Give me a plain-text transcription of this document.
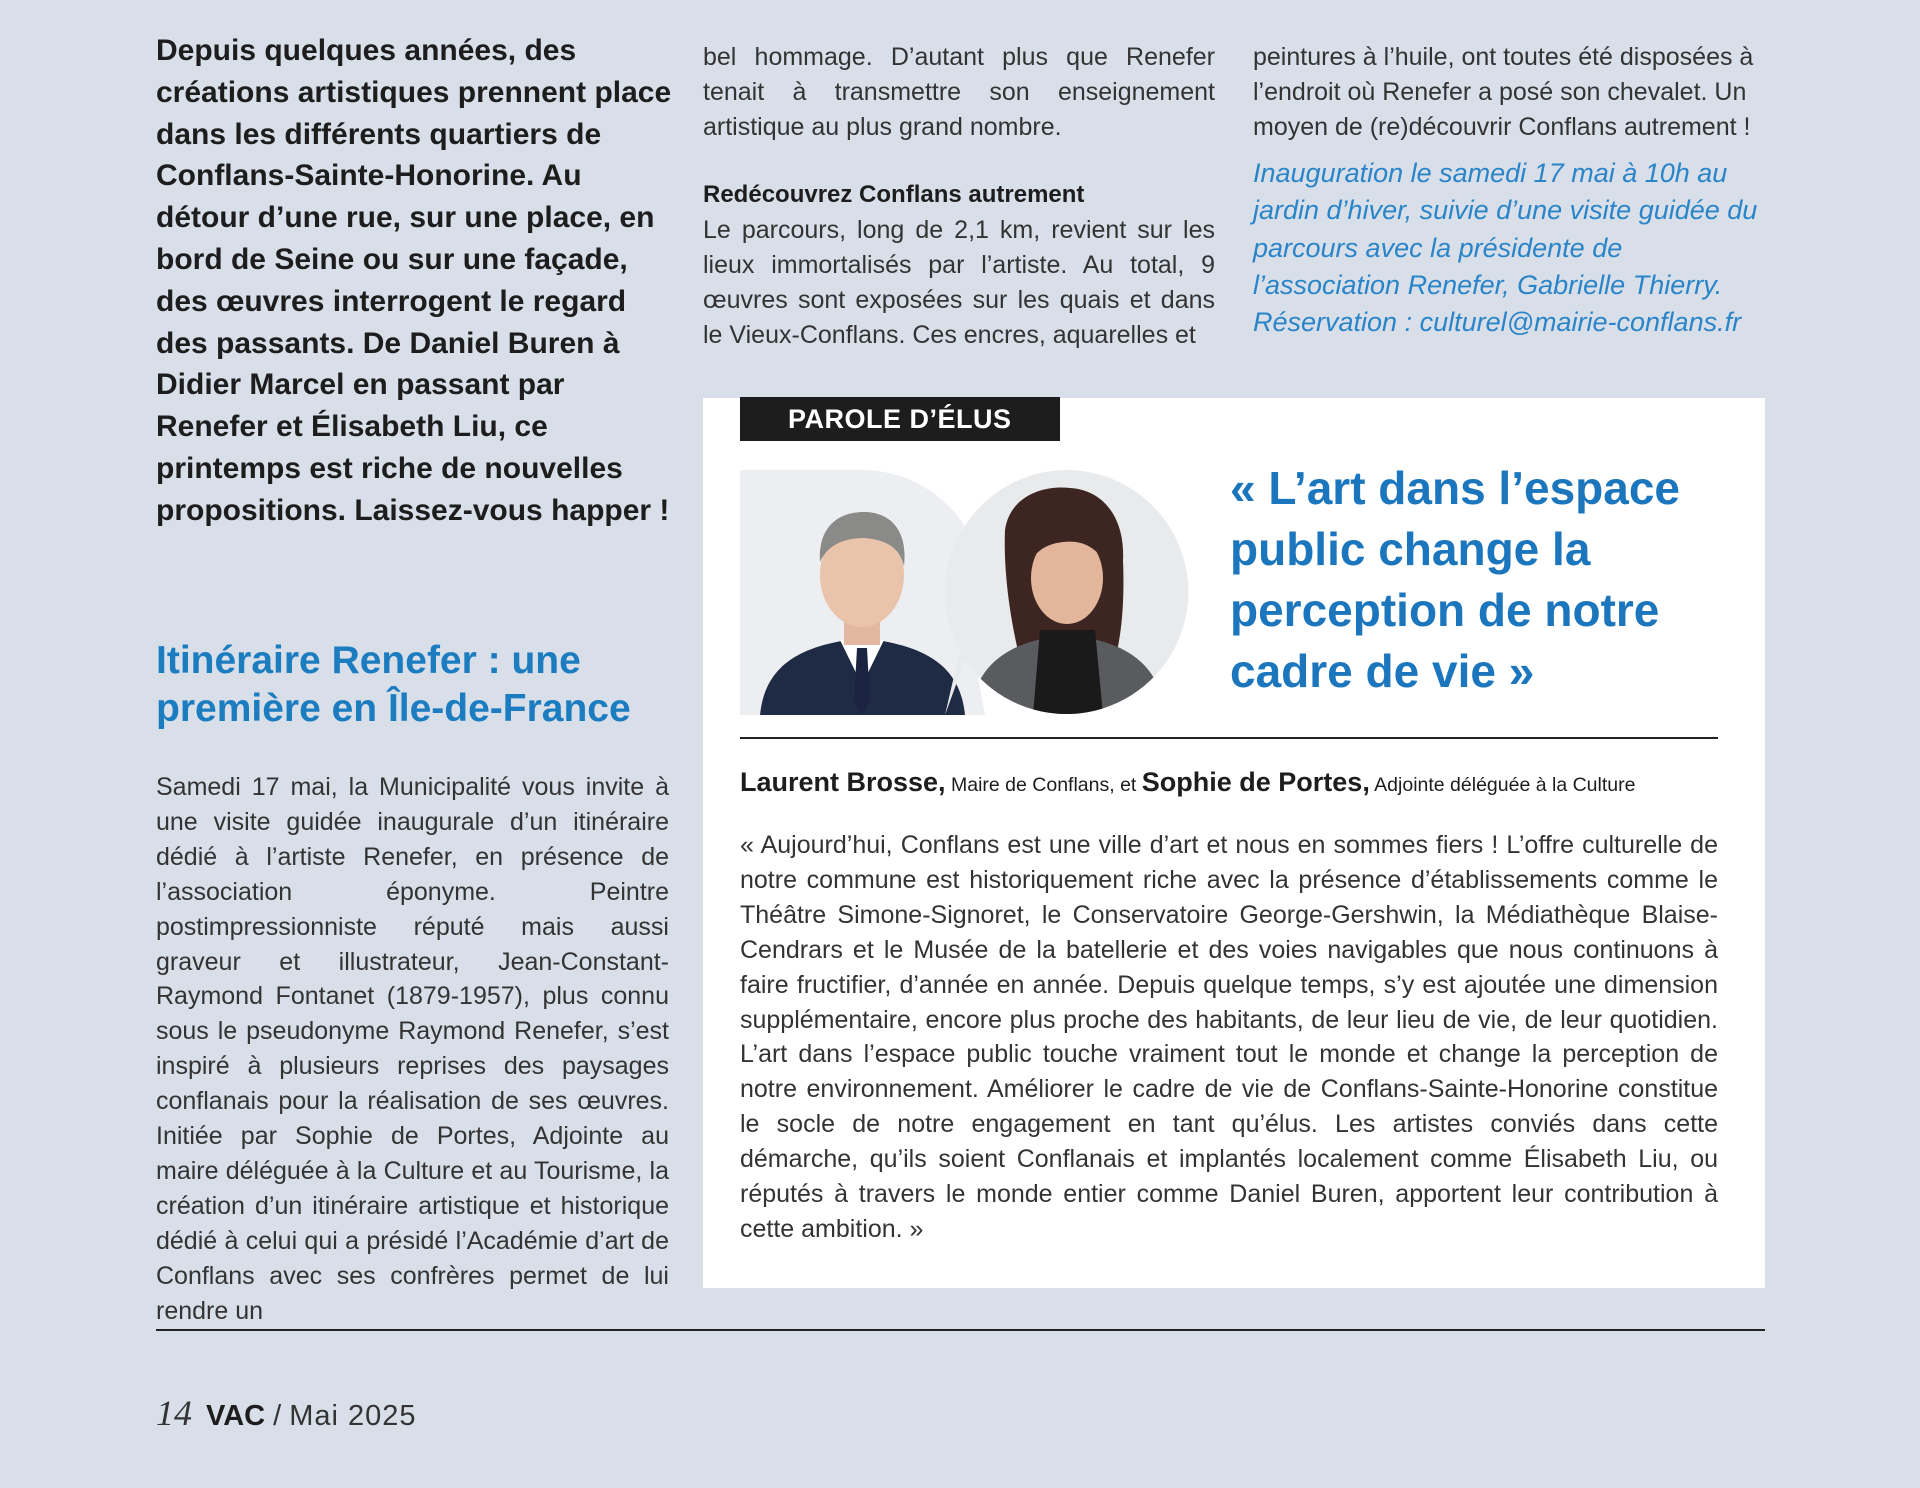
Depuis quelques années, des créations artistiques prennent place dans les différents quartiers de Conflans-Sainte-Honorine. Au détour d’une rue, sur une place, en bord de Seine ou sur une façade, des œuvres interrogent le regard des passants. De Daniel Buren à Didier Marcel en passant par Renefer et Élisabeth Liu, ce printemps est riche de nouvelles propositions. Laissez-vous happer !

Itinéraire Renefer : une première en Île-de-France

Samedi 17 mai, la Municipalité vous invite à une visite guidée inaugurale d’un itinéraire dédié à l’artiste Renefer, en présence de l’association éponyme. Peintre postimpressionniste réputé mais aussi graveur et illustrateur, Jean-Constant-Raymond Fontanet (1879-1957), plus connu sous le pseudonyme Raymond Renefer, s’est inspiré à plusieurs reprises des paysages conflanais pour la réalisation de ses œuvres. Initiée par Sophie de Portes, Adjointe au maire déléguée à la Culture et au Tourisme, la création d’un itinéraire artistique et historique dédié à celui qui a présidé l’Académie d’art de Conflans avec ses confrères permet de lui rendre un

bel hommage. D’autant plus que Renefer tenait à transmettre son enseignement artistique au plus grand nombre.

Redécouvrez Conflans autrement

Le parcours, long de 2,1 km, revient sur les lieux immortalisés par l’artiste. Au total, 9 œuvres sont exposées sur les quais et dans le Vieux-Conflans. Ces encres, aquarelles et

peintures à l’huile, ont toutes été disposées à l’endroit où Renefer a posé son chevalet. Un moyen de (re)découvrir Conflans autrement !

Inauguration le samedi 17 mai à 10h au jardin d’hiver, suivie d’une visite guidée du parcours avec la présidente de l’association Renefer, Gabrielle Thierry.

Réservation : culturel@mairie-conflans.fr

PAROLE D’ÉLUS
« L’art dans l’espace public change la perception de notre cadre de vie »

Laurent Brosse, Maire de Conflans, et Sophie de Portes, Adjointe déléguée à la Culture

« Aujourd’hui, Conflans est une ville d’art et nous en sommes fiers ! L’offre culturelle de notre commune est historiquement riche avec la présence d’établissements comme le Théâtre Simone-Signoret, le Conservatoire George-Gershwin, la Médiathèque Blaise-Cendrars et le Musée de la batellerie et des voies navigables que nous continuons à faire fructifier, d’année en année. Depuis quelque temps, s’y est ajoutée une dimension supplémentaire, encore plus proche des habitants, de leur lieu de vie, de leur quotidien. L’art dans l’espace public touche vraiment tout le monde et change la perception de notre environnement. Améliorer le cadre de vie de Conflans-Sainte-Honorine constitue le socle de notre engagement en tant qu’élus. Les artistes conviés dans cette démarche, qu’ils soient Conflanais et implantés localement comme Élisabeth Liu, ou réputés à travers le monde entier comme Daniel Buren, apportent leur contribution à cette ambition. »

14 VAC / Mai 2025
